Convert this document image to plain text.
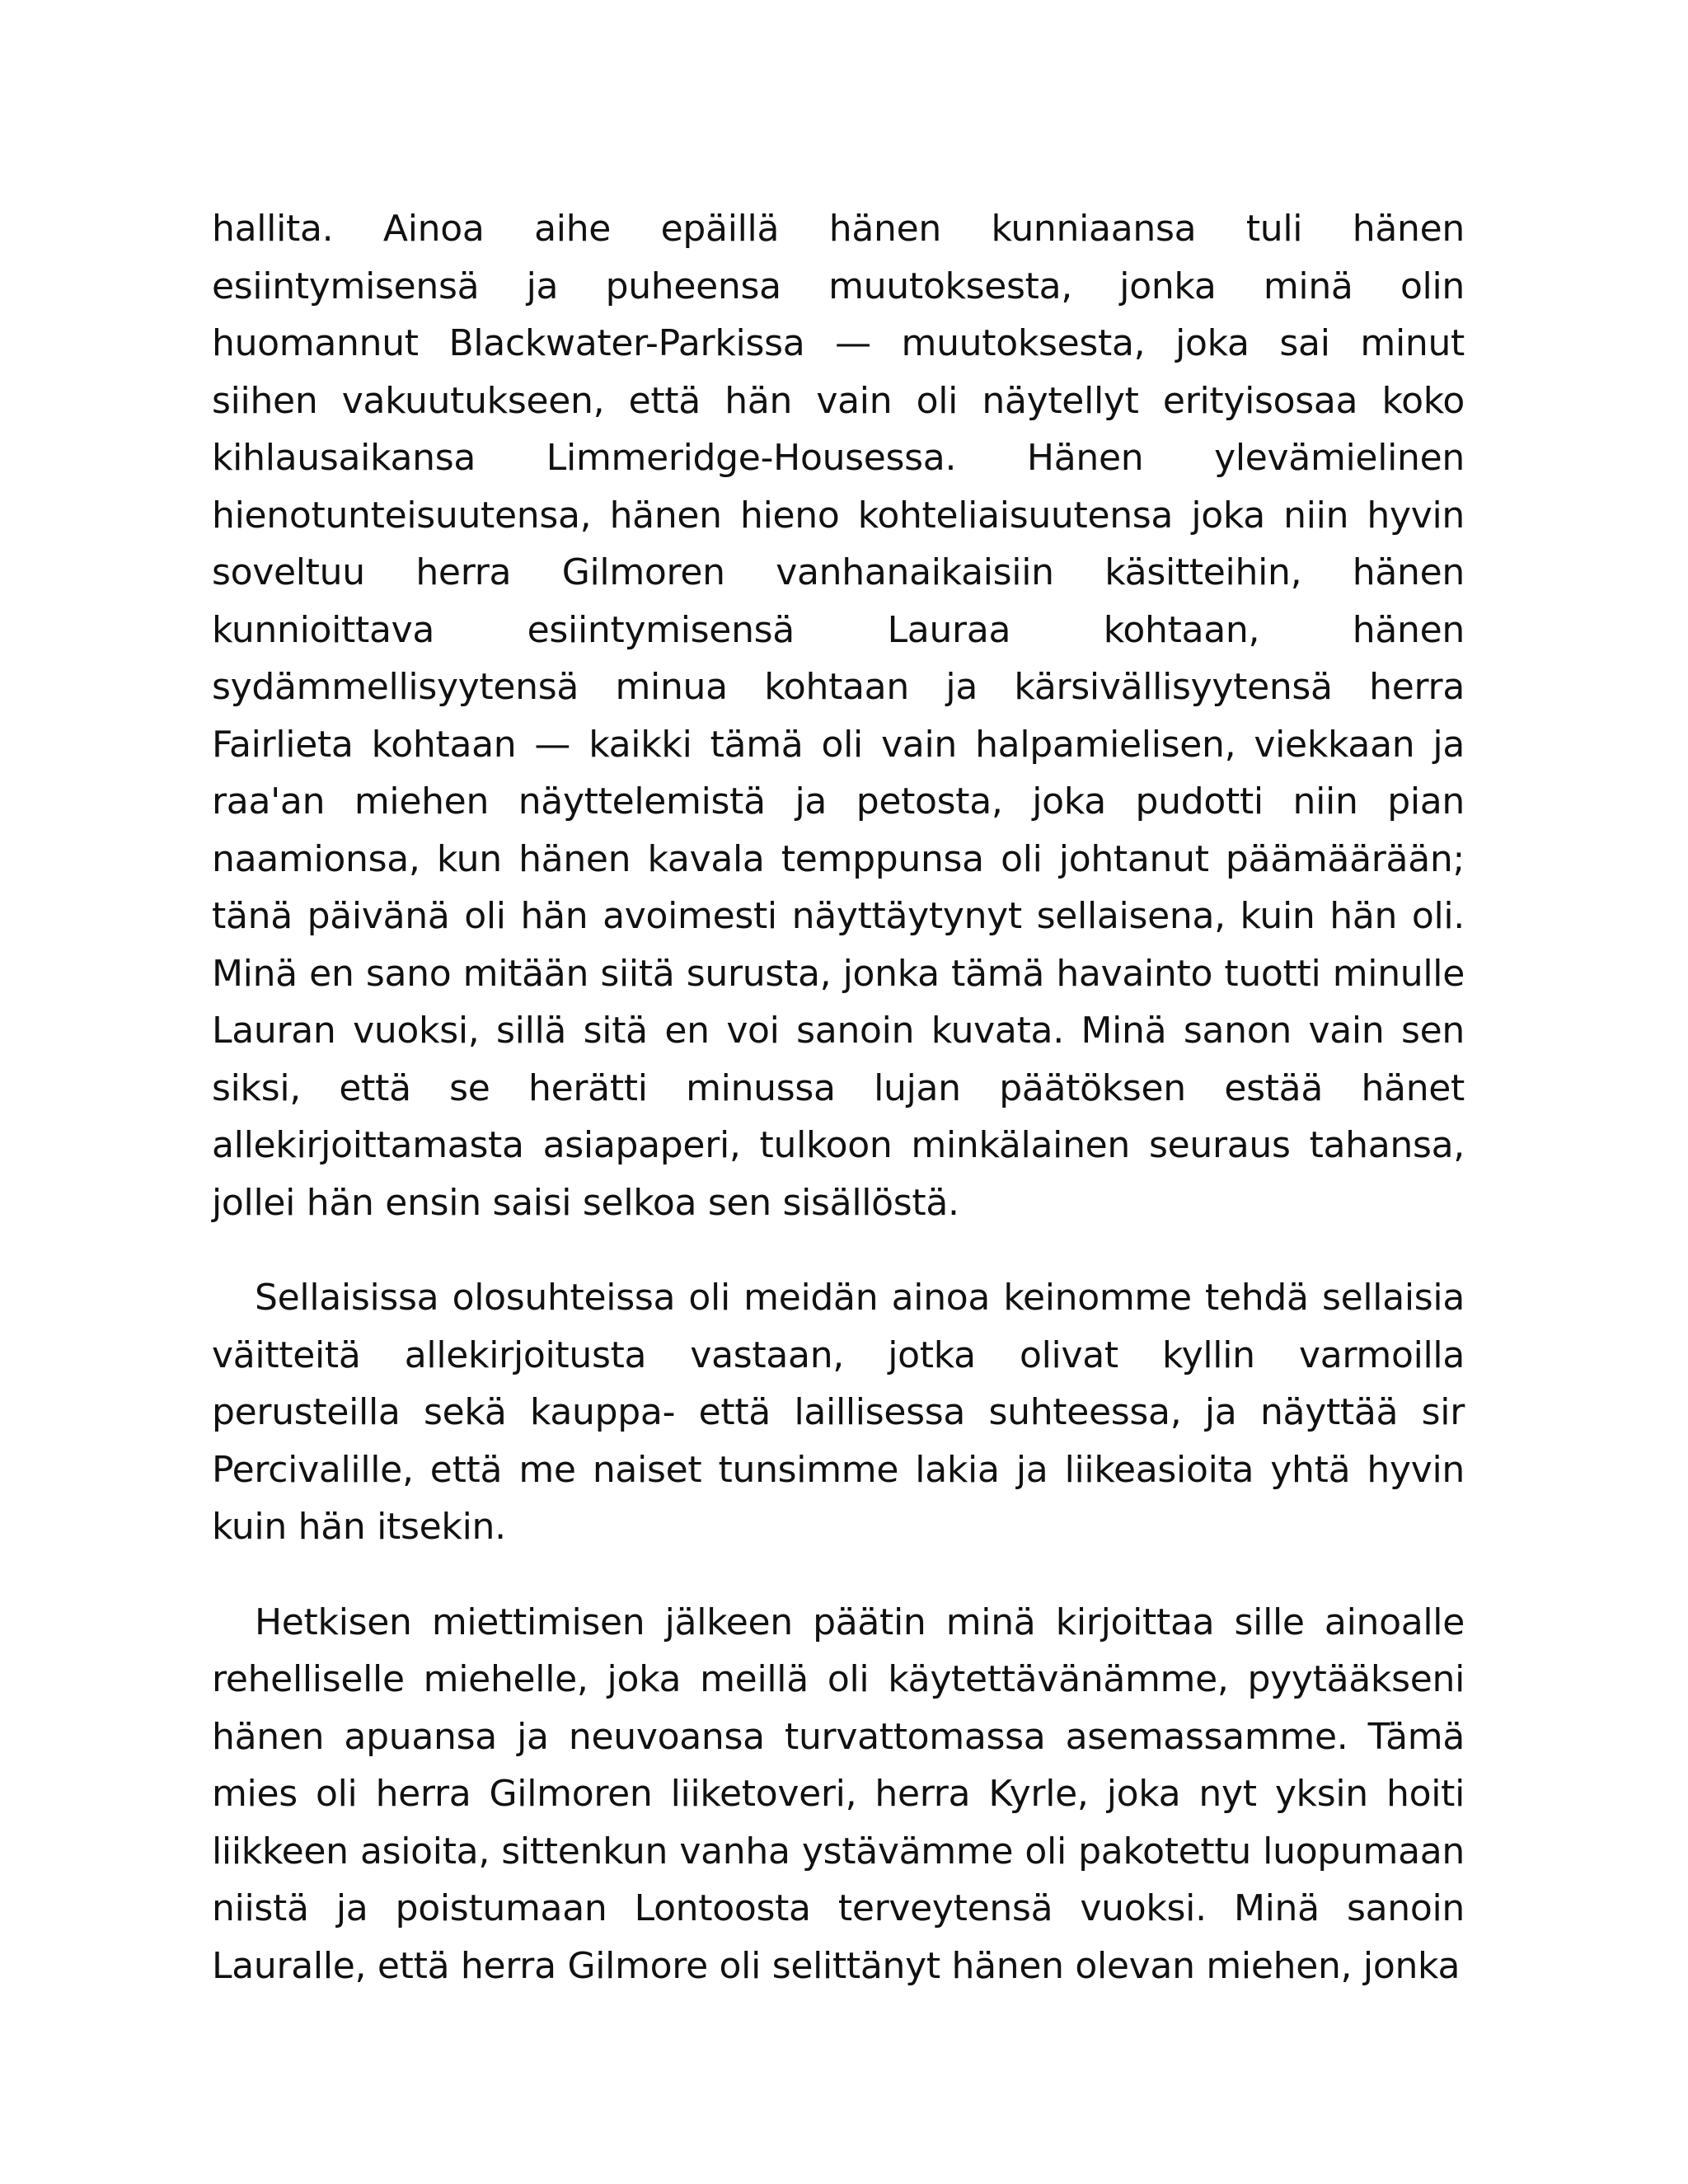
hallita. Ainoa aihe epäillä hänen kunniaansa tuli hänen esiintymisensä ja puheensa muutoksesta, jonka minä olin huomannut Blackwater-Parkissa — muutoksesta, joka sai minut siihen vakuutukseen, että hän vain oli näytellyt erityisosaa koko kihlausaikansa Limmeridge-Housessa. Hänen ylevämielinen hienotunteisuutensa, hänen hieno kohteliaisuutensa joka niin hyvin soveltuu herra Gilmoren vanhanaikaisiin käsitteihin, hänen kunnioittava esiintymisensä Lauraa kohtaan, hänen sydämmellisyytensä minua kohtaan ja kärsivällisyytensä herra Fairlieta kohtaan — kaikki tämä oli vain halpamielisen, viekkaan ja raa'an miehen näyttelemistä ja petosta, joka pudotti niin pian naamionsa, kun hänen kavala temppunsa oli johtanut päämäärään; tänä päivänä oli hän avoimesti näyttäytynyt sellaisena, kuin hän oli. Minä en sano mitään siitä surusta, jonka tämä havainto tuotti minulle Lauran vuoksi, sillä sitä en voi sanoin kuvata. Minä sanon vain sen siksi, että se herätti minussa lujan päätöksen estää hänet allekirjoittamasta asiapaperi, tulkoon minkälainen seuraus tahansa, jollei hän ensin saisi selkoa sen sisällöstä.

Sellaisissa olosuhteissa oli meidän ainoa keinomme tehdä sellaisia väitteitä allekirjoitusta vastaan, jotka olivat kyllin varmoilla perusteilla sekä kauppa- että laillisessa suhteessa, ja näyttää sir Percivalille, että me naiset tunsimme lakia ja liikeasioita yhtä hyvin kuin hän itsekin.

Hetkisen miettimisen jälkeen päätin minä kirjoittaa sille ainoalle rehelliselle miehelle, joka meillä oli käytettävänämme, pyytääkseni hänen apuansa ja neuvoansa turvattomassa asemassamme. Tämä mies oli herra Gilmoren liiketoveri, herra Kyrle, joka nyt yksin hoiti liikkeen asioita, sittenkun vanha ystävämme oli pakotettu luopumaan niistä ja poistumaan Lontoosta terveytensä vuoksi. Minä sanoin Lauralle, että herra Gilmore oli selittänyt hänen olevan miehen, jonka
